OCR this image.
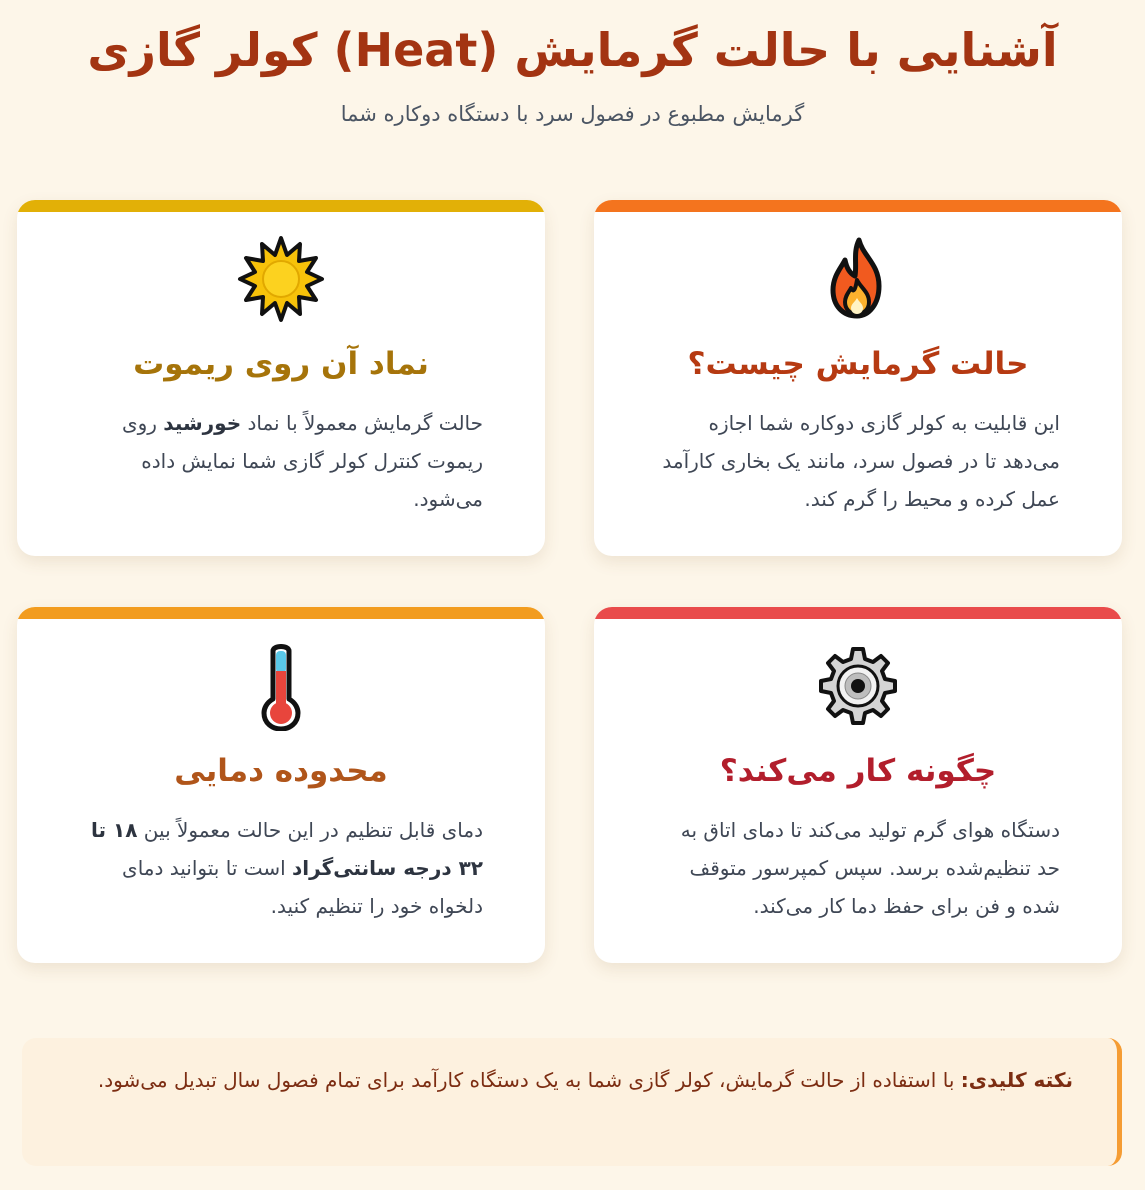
آشنایی با حالت گرمایش (Heat) کولر گازی

گرمایش مطبوع در فصول سرد با دستگاه دوکاره شما

حالت گرمایش چیست؟

این قابلیت به کولر گازی دوکاره شما اجازه می‌دهد تا در فصول سرد، مانند یک بخاری کارآمد عمل کرده و محیط را گرم کند.

نماد آن روی ریموت

حالت گرمایش معمولاً با نماد خورشید روی ریموت کنترل کولر گازی شما نمایش داده می‌شود.

چگونه کار می‌کند؟

دستگاه هوای گرم تولید می‌کند تا دمای اتاق به حد تنظیم‌شده برسد. سپس کمپرسور متوقف شده و فن برای حفظ دما کار می‌کند.

محدوده دمایی

دمای قابل تنظیم در این حالت معمولاً بین ۱۸ تا ۳۲ درجه سانتی‌گراد است تا بتوانید دمای دلخواه خود را تنظیم کنید.

نکته کلیدی: با استفاده از حالت گرمایش، کولر گازی شما به یک دستگاه کارآمد برای تمام فصول سال تبدیل می‌شود.
